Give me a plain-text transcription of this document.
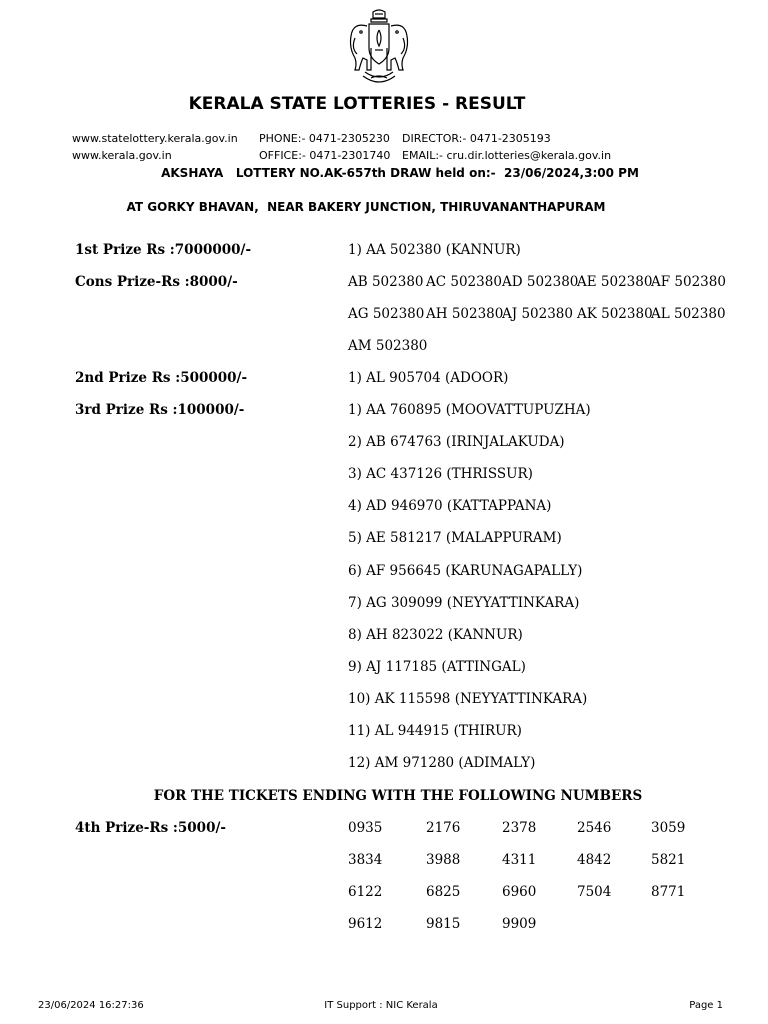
KERALA STATE LOTTERIES - RESULT
www.statelottery.kerala.gov.in
www.kerala.gov.in
PHONE:- 0471-2305230
OFFICE:- 0471-2301740
DIRECTOR:- 0471-2305193
EMAIL:- cru.dir.lotteries@kerala.gov.in
AKSHAYA   LOTTERY NO.AK-657th DRAW held on:-  23/06/2024,3:00 PM
AT GORKY BHAVAN,  NEAR BAKERY JUNCTION, THIRUVANANTHAPURAM
1st Prize Rs :7000000/-	1) AA 502380 (KANNUR)
Cons Prize-Rs :8000/-	AB 502380 AC 502380 AD 502380
AE 502380
AF 502380
AG 502380 AH 502380
AJ 502380 AK 502380
AL 502380
AM 502380
2nd Prize Rs :500000/-	1) AL 905704 (ADOOR)
3rd Prize Rs :100000/-	1) AA 760895 (MOOVATTUPUZHA)
2) AB 674763 (IRINJALAKUDA)
3) AC 437126 (THRISSUR)
4) AD 946970 (KATTAPPANA)
5) AE 581217 (MALAPPURAM)
6) AF 956645 (KARUNAGAPALLY)
7) AG 309099 (NEYYATTINKARA)
8) AH 823022 (KANNUR)
9) AJ 117185 (ATTINGAL)
10) AK 115598 (NEYYATTINKARA)
11) AL 944915 (THIRUR)
12) AM 971280 (ADIMALY)
FOR THE TICKETS ENDING WITH THE FOLLOWING NUMBERS
4th Prize-Rs :5000/-	0935	2176	2378	2546	3059
3834	3988	4311	4842	5821
6122	6825	6960	7504	8771
9612	9815	9909
23/06/2024 16:27:36	IT Support : NIC Kerala	Page 1
